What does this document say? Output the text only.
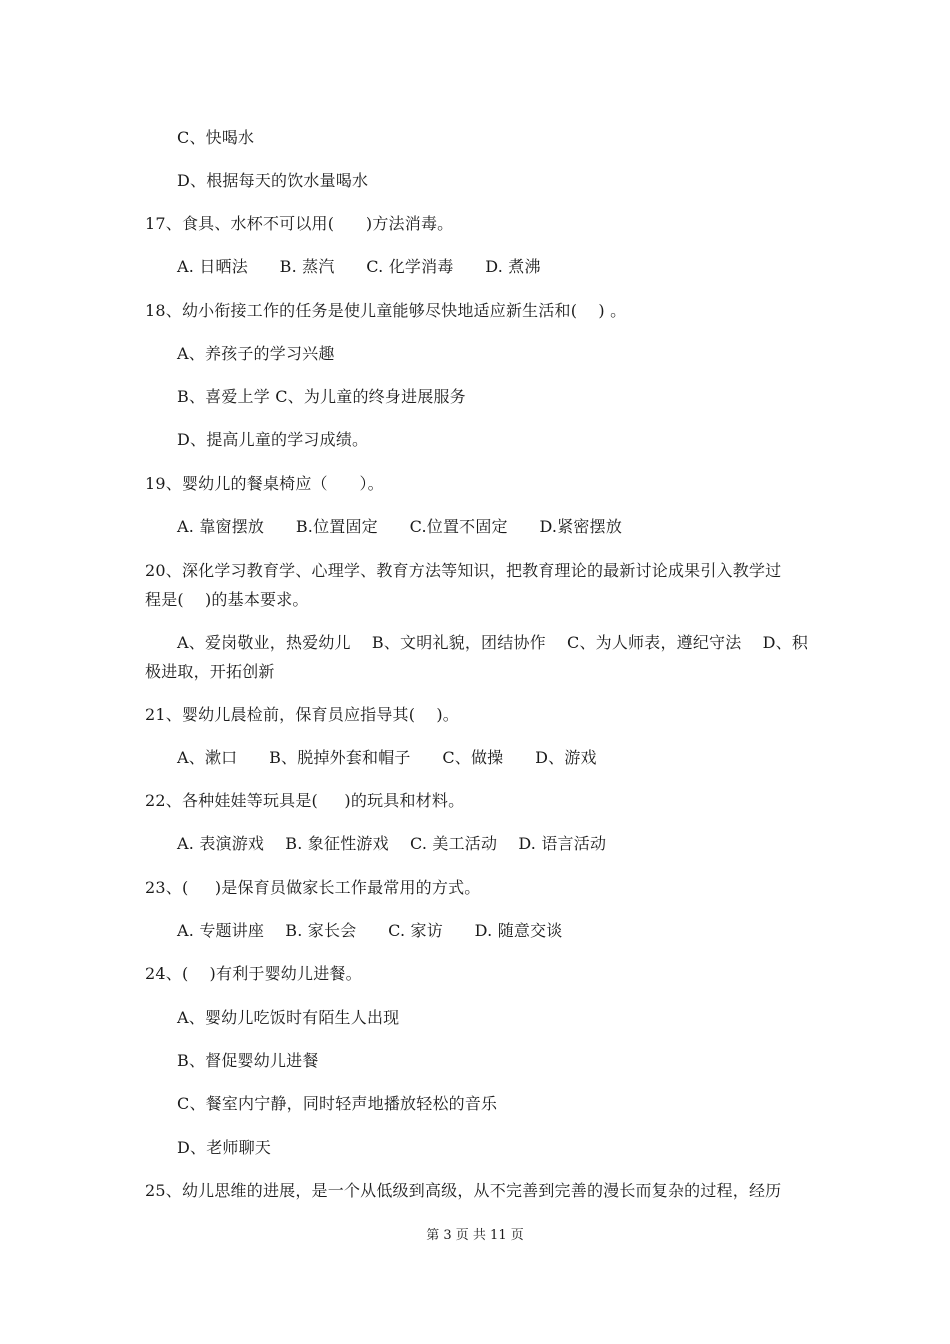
C、快喝水
D、根据每天的饮水量喝水
17、食具、水杯不可以用(      )方法消毒。
A. 日晒法      B. 蒸汽      C. 化学消毒      D. 煮沸
18、幼小衔接工作的任务是使儿童能够尽快地适应新生活和(    ) 。
A、养孩子的学习兴趣
B、喜爱上学 C、为儿童的终身进展服务
D、提高儿童的学习成绩。
19、婴幼儿的餐桌椅应（      ）。
A. 靠窗摆放      B.位置固定      C.位置不固定      D.紧密摆放
20、深化学习教育学、心理学、教育方法等知识，把教育理论的最新讨论成果引入教学过
程是(    )的基本要求。
A、爱岗敬业，热爱幼儿    B、文明礼貌，团结协作    C、为人师表，遵纪守法    D、积
极进取，开拓创新
21、婴幼儿晨检前，保育员应指导其(    )。
A、漱口      B、脱掉外套和帽子      C、做操      D、游戏
22、各种娃娃等玩具是(     )的玩具和材料。
A. 表演游戏    B. 象征性游戏    C. 美工活动    D. 语言活动
23、(     )是保育员做家长工作最常用的方式。
A. 专题讲座    B. 家长会      C. 家访      D. 随意交谈
24、(    )有利于婴幼儿进餐。
A、婴幼儿吃饭时有陌生人出现
B、督促婴幼儿进餐
C、餐室内宁静，同时轻声地播放轻松的音乐
D、老师聊天
25、幼儿思维的进展，是一个从低级到高级，从不完善到完善的漫长而复杂的过程，经历
第 3 页 共 11 页
